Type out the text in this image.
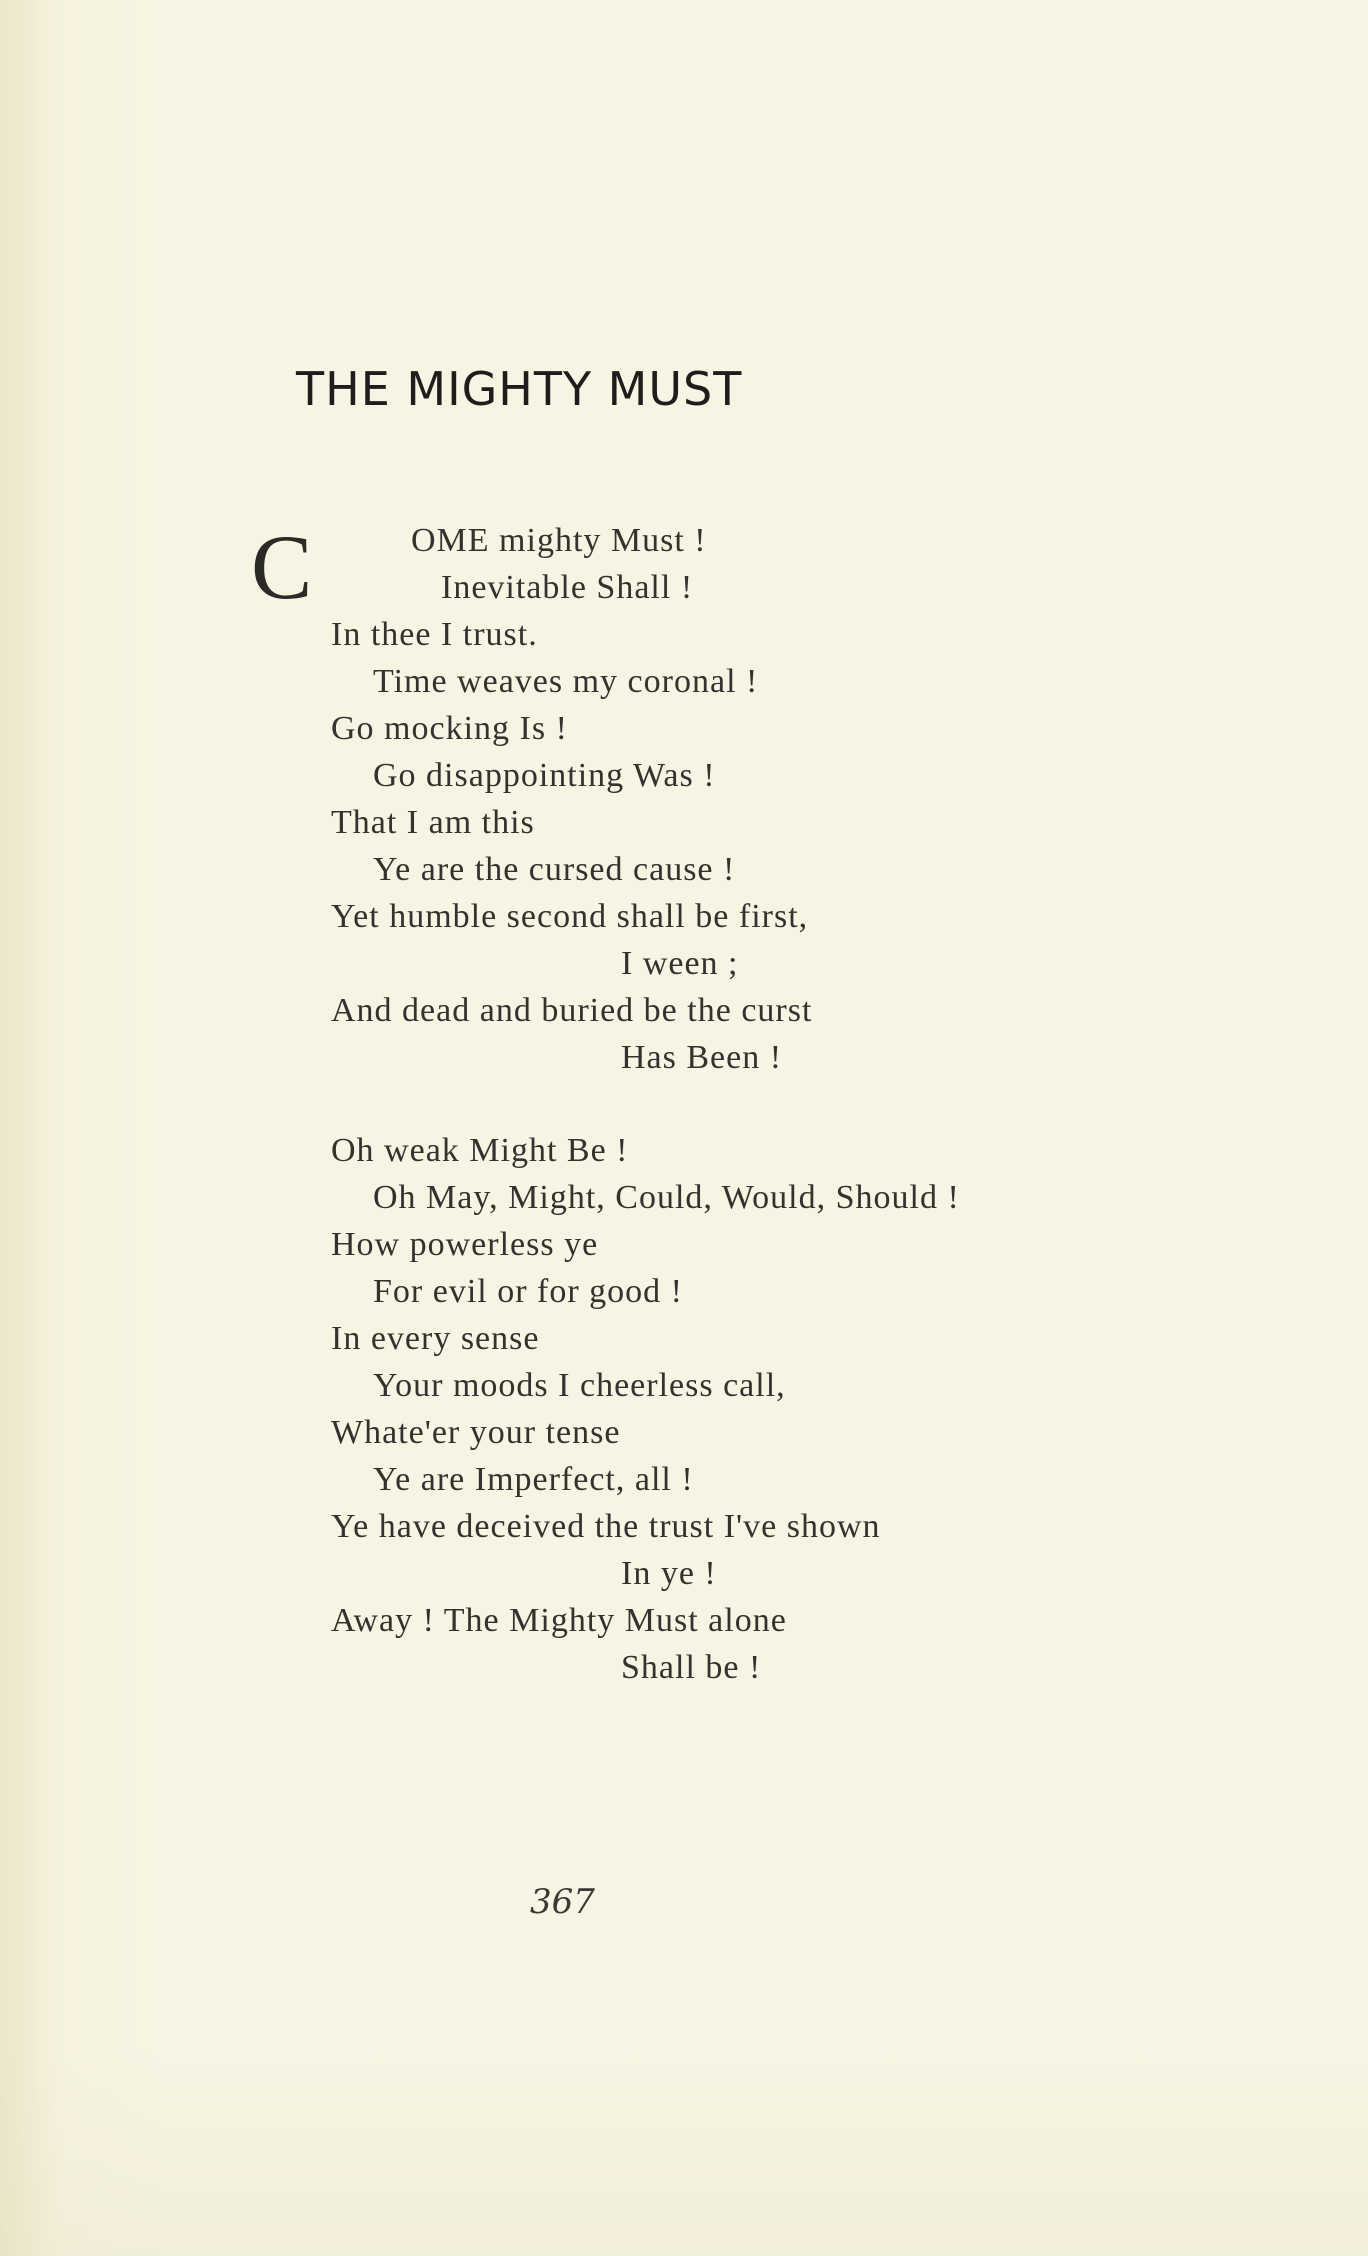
THE MIGHTY MUST
C	OME mighty Must !
Inevitable Shall !
In thee I trust.
Time weaves my coronal !
Go mocking Is !
Go disappointing Was !
That I am this
Ye are the cursed cause !
Yet humble second shall be first,
I ween ;
And dead and buried be the curst
Has Been !
Oh weak Might Be !
Oh May, Might, Could, Would, Should !
How powerless ye
For evil or for good !
In every sense
Your moods I cheerless call,
Whate'er your tense
Ye are Imperfect, all !
Ye have deceived the trust I've shown
In ye !
Away ! The Mighty Must alone
Shall be !
367
